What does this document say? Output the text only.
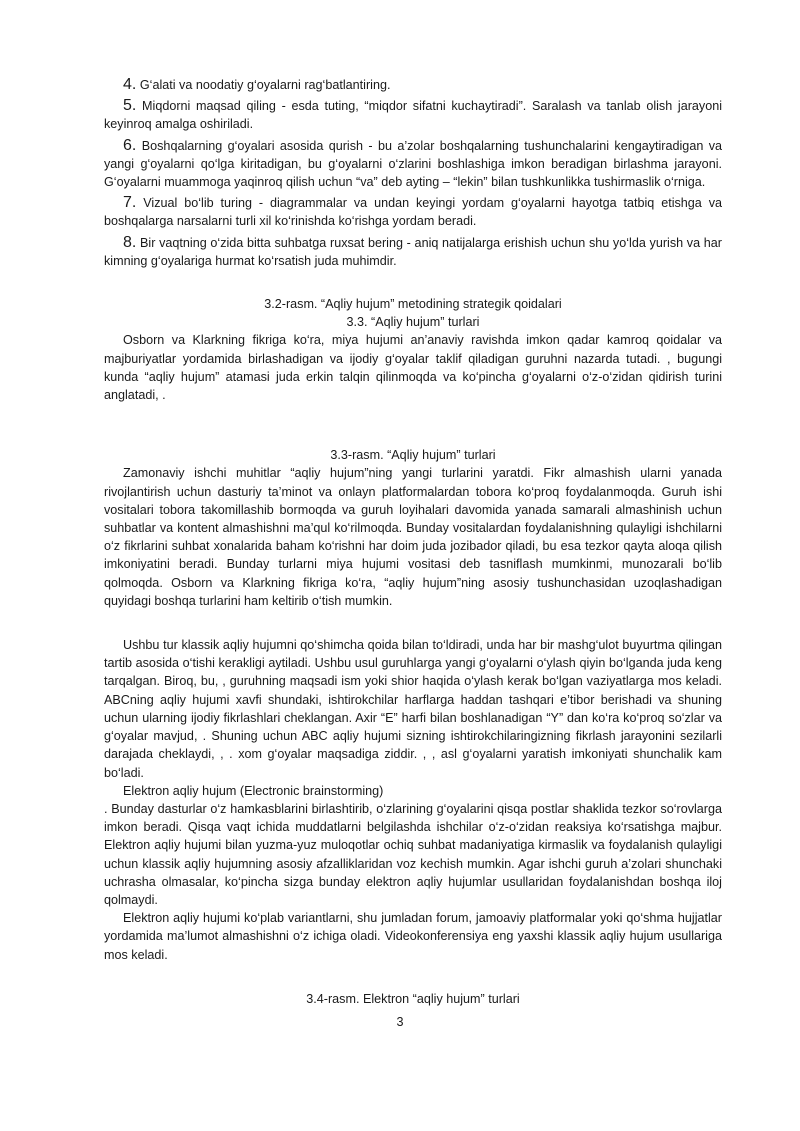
4. G‘alati va noodatiy g‘oyalarni rag‘batlantiring.

5. Miqdorni maqsad qiling - esda tuting, “miqdor sifatni kuchaytiradi”. Saralash va tanlab olish jarayoni keyinroq amalga oshiriladi.

6. Boshqalarning g‘oyalari asosida qurish - bu a’zolar boshqalarning tushunchalarini kengaytiradigan va yangi g‘oyalarni qo‘lga kiritadigan, bu g‘oyalarni o‘zlarini boshlashiga imkon beradigan birlashma jarayoni. G‘oyalarni muammoga yaqinroq qilish uchun “va” deb ayting – “lekin” bilan tushkunlikka tushirmaslik o‘rniga.

7. Vizual bo‘lib turing - diagrammalar va undan keyingi yordam g‘oyalarni hayotga tatbiq etishga va boshqalarga narsalarni turli xil ko‘rinishda ko‘rishga yordam beradi.

8. Bir vaqtning o‘zida bitta suhbatga ruxsat bering - aniq natijalarga erishish uchun shu yo‘lda yurish va har kimning g‘oyalariga hurmat ko‘rsatish juda muhimdir.

3.2-rasm. “Aqliy hujum” metodining strategik qoidalari

3.3. “Aqliy hujum” turlari

Osborn va Klarkning fikriga ko‘ra, miya hujumi an’anaviy ravishda imkon qadar kamroq qoidalar va majburiyatlar yordamida birlashadigan va ijodiy g‘oyalar taklif qiladigan guruhni nazarda tutadi. , bugungi kunda “aqliy hujum” atamasi juda erkin talqin qilinmoqda va ko‘pincha g‘oyalarni o‘z-o‘zidan qidirish turini anglatadi, .

3.3-rasm. “Aqliy hujum” turlari

Zamonaviy ishchi muhitlar “aqliy hujum”ning yangi turlarini yaratdi. Fikr almashish ularni yanada rivojlantirish uchun dasturiy ta’minot va onlayn platformalardan tobora ko‘proq foydalanmoqda. Guruh ishi vositalari tobora takomillashib bormoqda va guruh loyihalari davomida yanada samarali almashinish uchun suhbatlar va kontent almashishni ma’qul ko‘rilmoqda. Bunday vositalardan foydalanishning qulayligi ishchilarni o‘z fikrlarini suhbat xonalarida baham ko‘rishni har doim juda jozibador qiladi, bu esa tezkor qayta aloqa qilish imkoniyatini beradi. Bunday turlarni miya hujumi vositasi deb tasniflash mumkinmi, munozarali bo‘lib qolmoqda. Osborn va Klarkning fikriga ko‘ra, “aqliy hujum”ning asosiy tushunchasidan uzoqlashadigan quyidagi boshqa turlarini ham keltirib o‘tish mumkin.

Ushbu tur klassik aqliy hujumni qo‘shimcha qoida bilan to‘ldiradi, unda har bir mashg‘ulot buyurtma qilingan tartib asosida o‘tishi kerakligi aytiladi. Ushbu usul guruhlarga yangi g‘oyalarni o‘ylash qiyin bo‘lganda juda keng tarqalgan. Biroq, bu, , guruhning maqsadi ism yoki shior haqida o‘ylash kerak bo‘lgan vaziyatlarga mos keladi. ABCning aqliy hujumi xavfi shundaki, ishtirokchilar harflarga haddan tashqari e’tibor berishadi va shuning uchun ularning ijodiy fikrlashlari cheklangan. Axir “E” harfi bilan boshlanadigan “Y” dan ko‘ra ko‘proq so‘zlar va g‘oyalar mavjud, . Shuning uchun ABC aqliy hujumi sizning ishtirokchilaringizning fikrlash jarayonini sezilarli darajada cheklaydi, , . xom g‘oyalar maqsadiga ziddir. , , asl g‘oyalarni yaratish imkoniyati shunchalik kam bo‘ladi.

Elektron aqliy hujum (Electronic brainstorming)

. Bunday dasturlar o‘z hamkasblarini birlashtirib, o‘zlarining g‘oyalarini qisqa postlar shaklida tezkor so‘rovlarga imkon beradi. Qisqa vaqt ichida muddatlarni belgilashda ishchilar o‘z-o‘zidan reaksiya ko‘rsatishga majbur. Elektron aqliy hujumi bilan yuzma-yuz muloqotlar ochiq suhbat madaniyatiga kirmaslik va foydalanish qulayligi uchun klassik aqliy hujumning asosiy afzalliklaridan voz kechish mumkin. Agar ishchi guruh a’zolari shunchaki uchrasha olmasalar, ko‘pincha sizga bunday elektron aqliy hujumlar usullaridan foydalanishdan boshqa iloj qolmaydi.

Elektron aqliy hujumi ko‘plab variantlarni, shu jumladan forum, jamoaviy platformalar yoki qo‘shma hujjatlar yordamida ma’lumot almashishni o‘z ichiga oladi. Videokonferensiya eng yaxshi klassik aqliy hujum usullariga mos keladi.

3.4-rasm. Elektron “aqliy hujum” turlari

3
